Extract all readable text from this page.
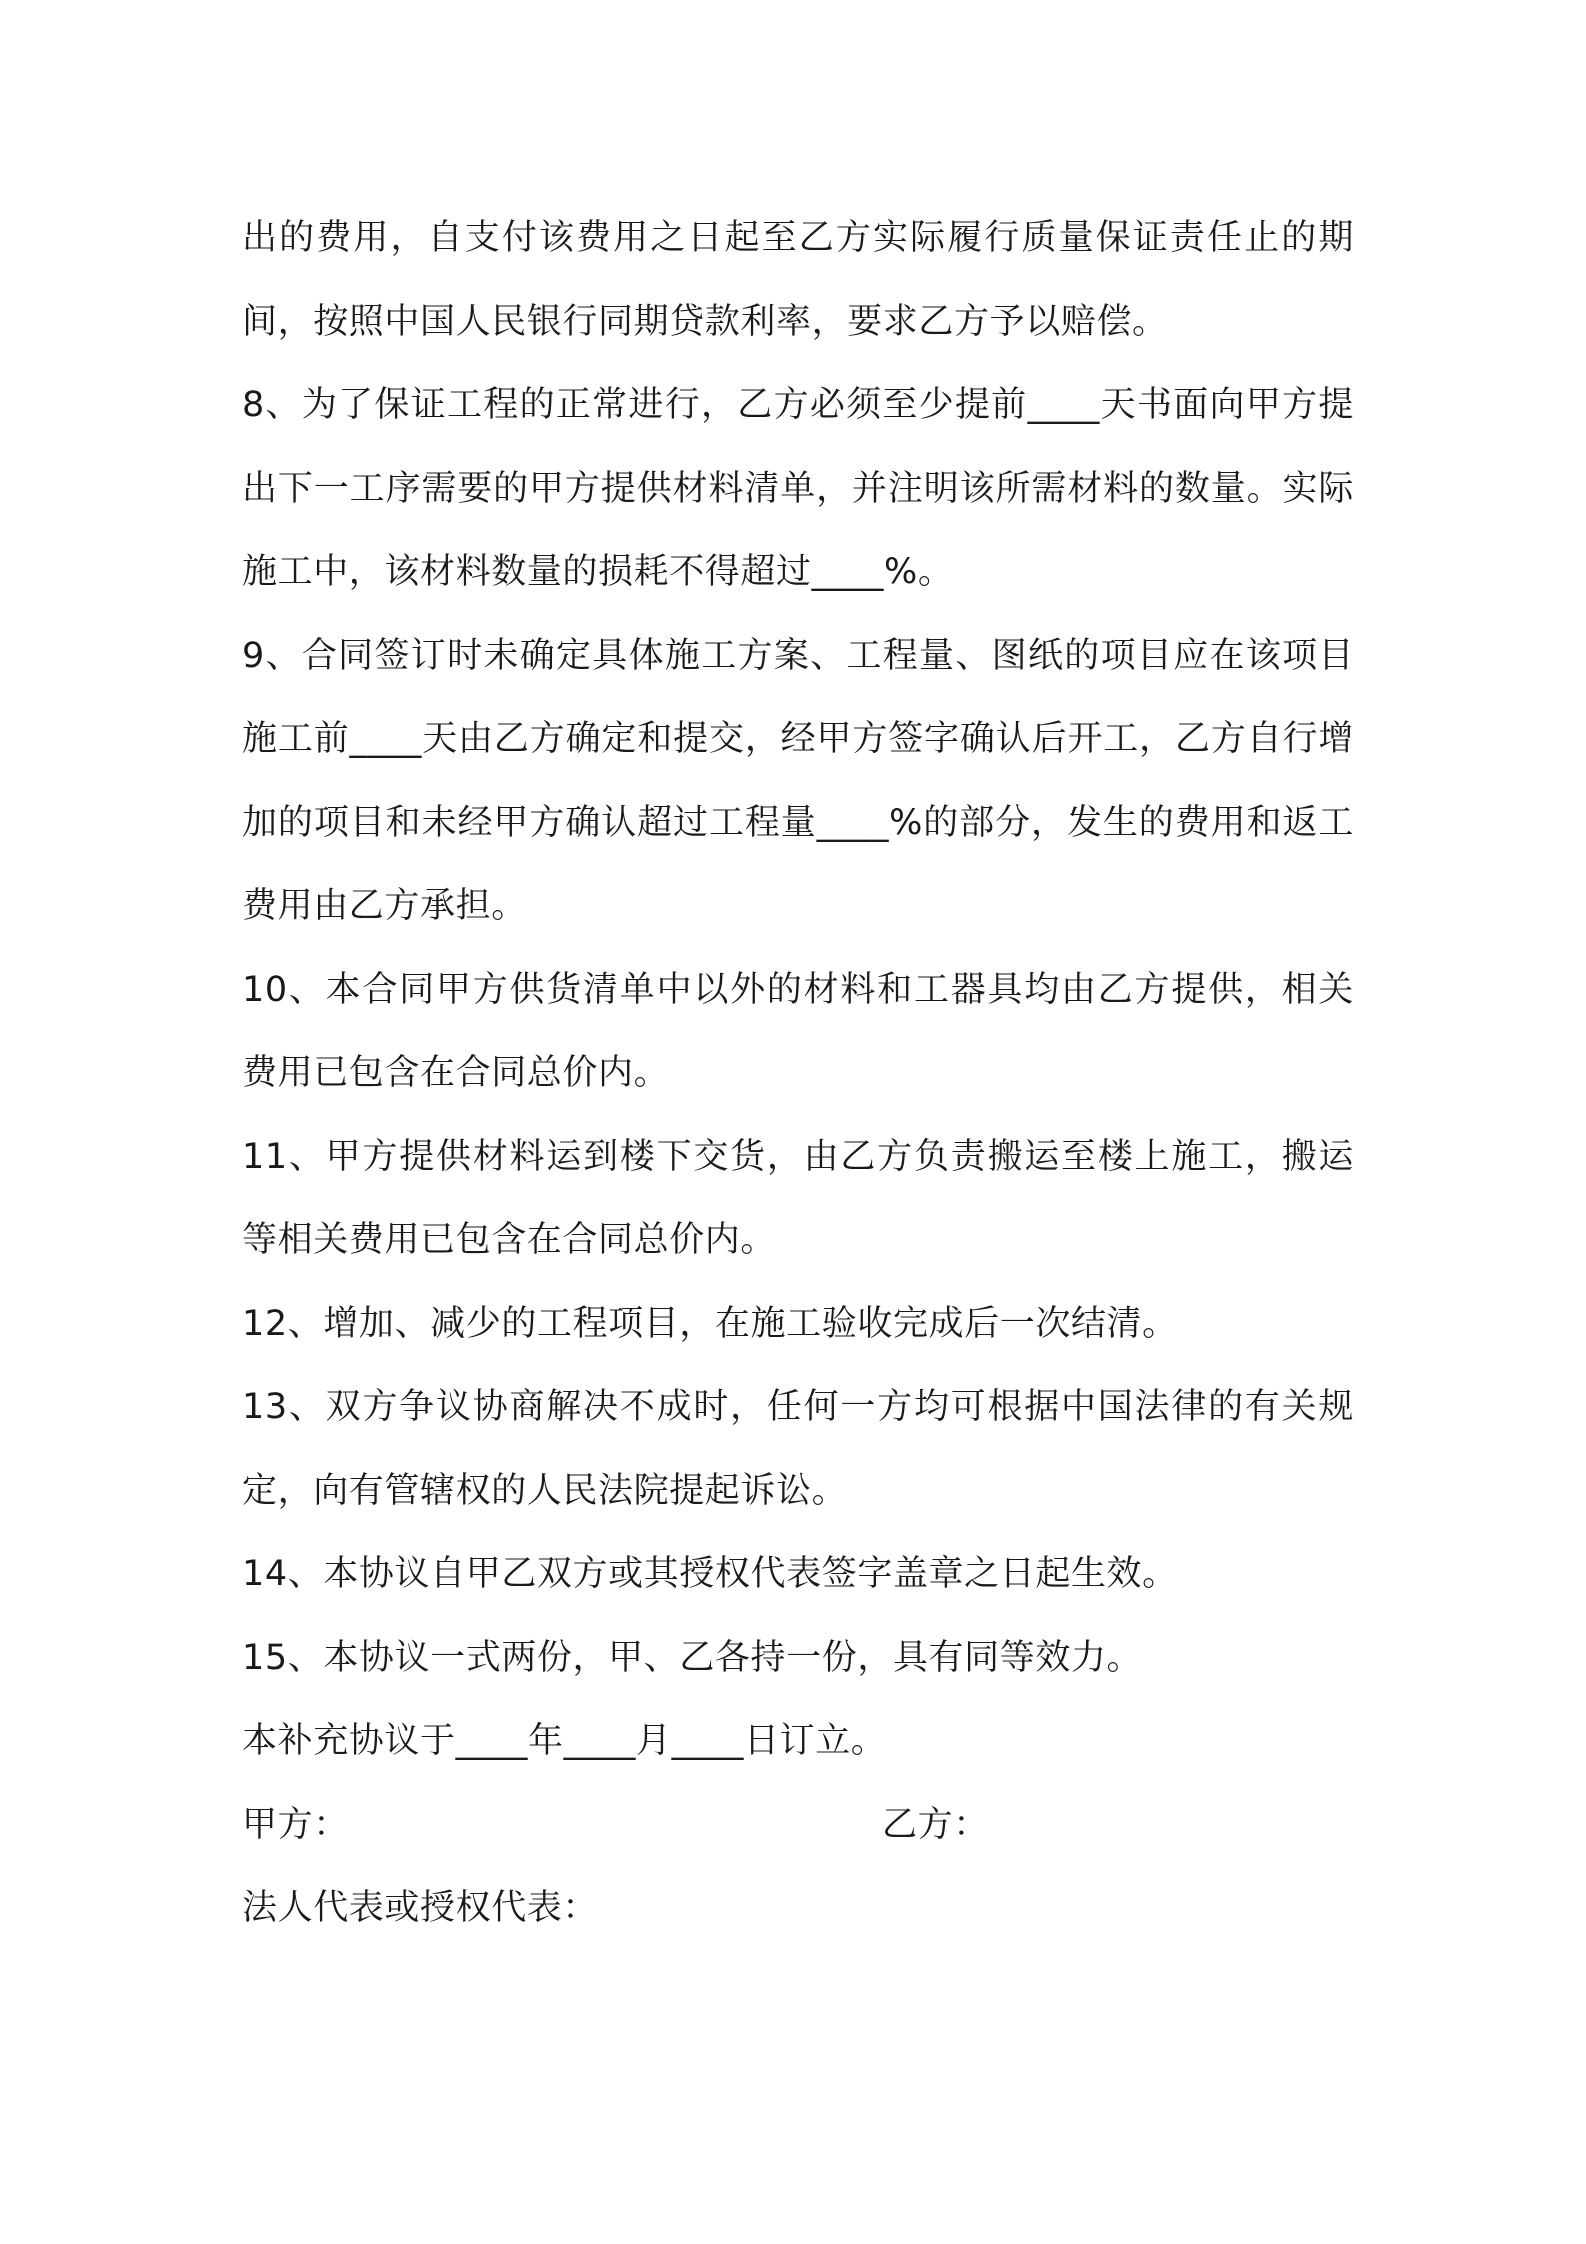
出的费用，自支付该费用之日起至乙方实际履行质量保证责任止的期间，按照中国人民银行同期贷款利率，要求乙方予以赔偿。

8、为了保证工程的正常进行，乙方必须至少提前____天书面向甲方提出下一工序需要的甲方提供材料清单，并注明该所需材料的数量。实际施工中，该材料数量的损耗不得超过____%。

9、合同签订时未确定具体施工方案、工程量、图纸的项目应在该项目施工前____天由乙方确定和提交，经甲方签字确认后开工，乙方自行增加的项目和未经甲方确认超过工程量____%的部分，发生的费用和返工费用由乙方承担。

10、本合同甲方供货清单中以外的材料和工器具均由乙方提供，相关费用已包含在合同总价内。

11、甲方提供材料运到楼下交货，由乙方负责搬运至楼上施工，搬运等相关费用已包含在合同总价内。

12、增加、减少的工程项目，在施工验收完成后一次结清。

13、双方争议协商解决不成时，任何一方均可根据中国法律的有关规定，向有管辖权的人民法院提起诉讼。

14、本协议自甲乙双方或其授权代表签字盖章之日起生效。

15、本协议一式两份，甲、乙各持一份，具有同等效力。

本补充协议于____年____月____日订立。

甲方：	乙方：

法人代表或授权代表：
